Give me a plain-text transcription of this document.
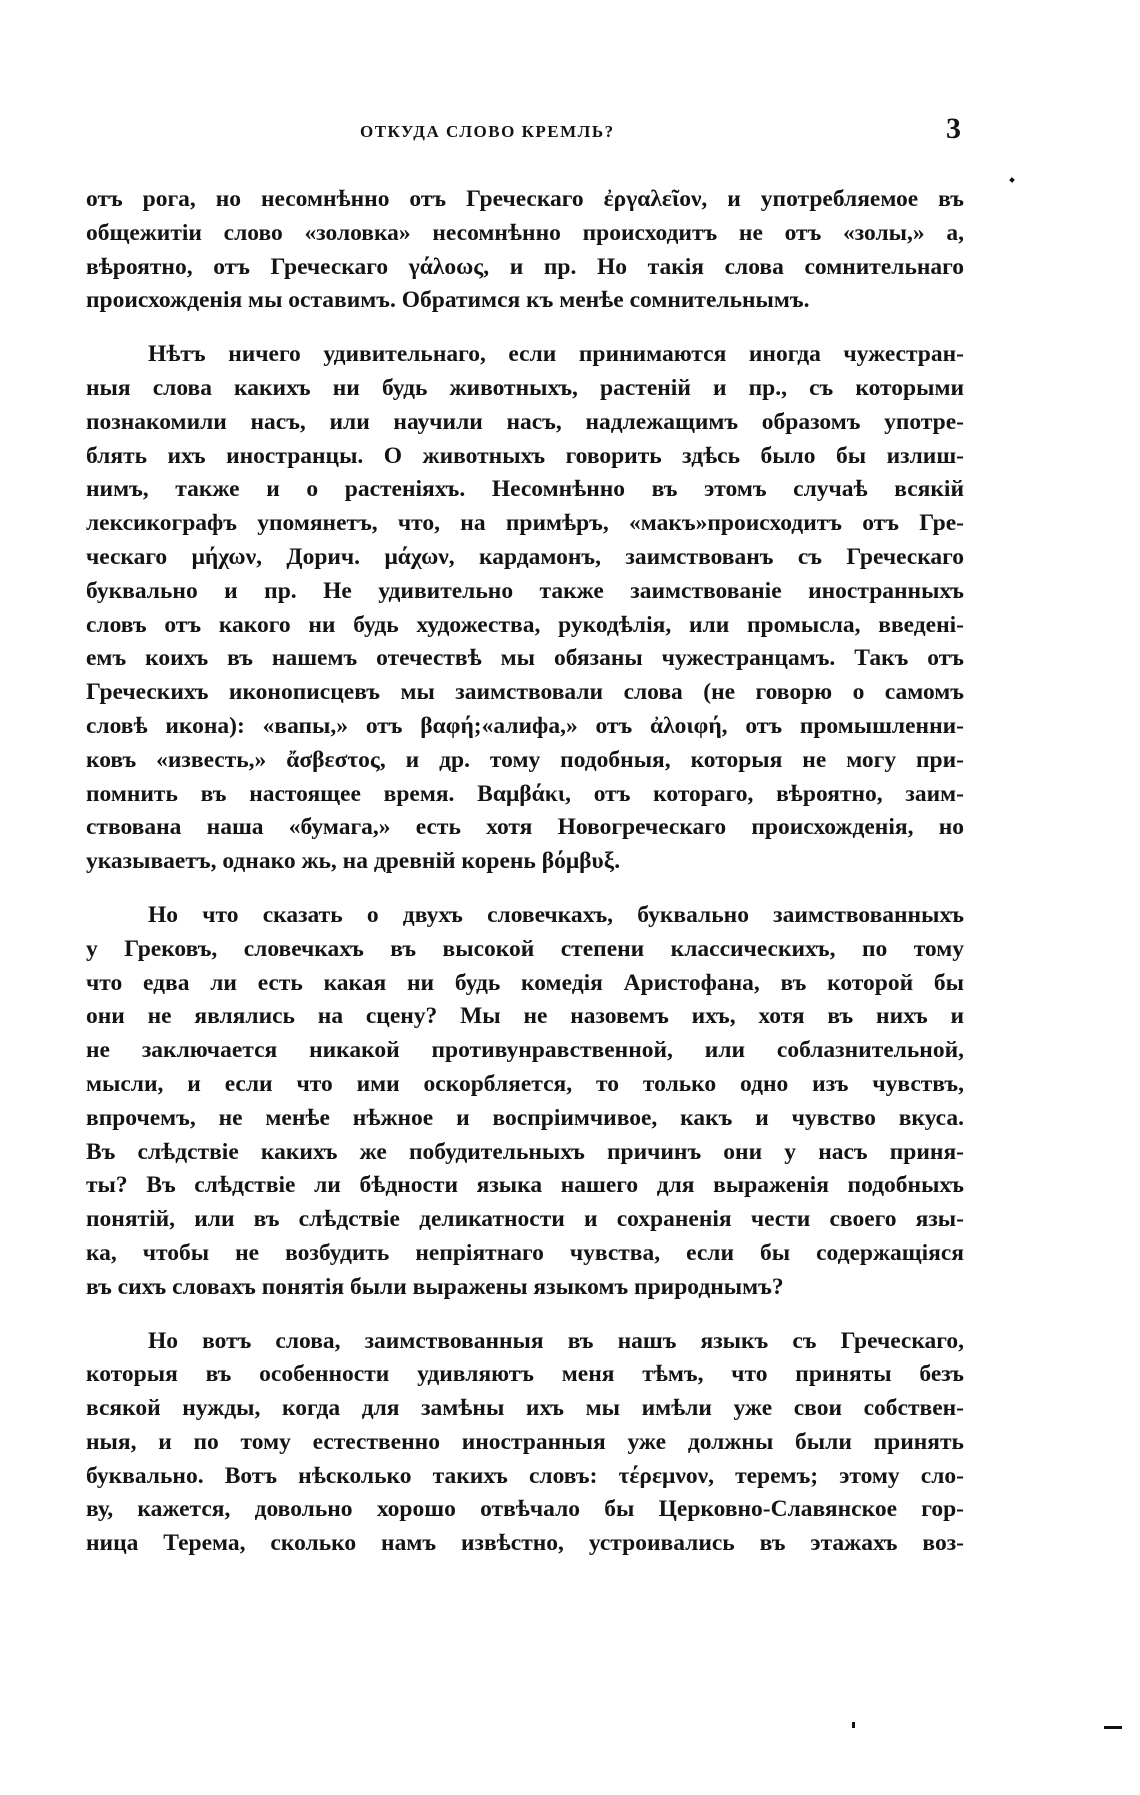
ОТКУДА СЛОВО КРЕМЛЬ?	3
отъ рога, но несомнѣнно отъ Греческаго ἐργαλεῖον, и употребляемое въ
общежитіи слово «золовка» несомнѣнно происходитъ не отъ «золы,» а,
вѣроятно, отъ Греческаго γάλοως, и пр. Но такія слова сомнительнаго
происхожденія мы оставимъ. Обратимся къ менѣе сомнительнымъ.
Нѣтъ ничего удивительнаго, если принимаются иногда чужестран-
ныя слова какихъ ни будь животныхъ, растеній и пр., съ которыми
познакомили насъ, или научили насъ, надлежащимъ образомъ употре-
блять ихъ иностранцы. О животныхъ говорить здѣсь было бы излиш-
нимъ, также и о растеніяхъ. Несомнѣнно въ этомъ случаѣ всякій
лексикографъ упомянетъ, что, на примѣръ, «макъ»происходитъ отъ Гре-
ческаго μήχων, Дорич. μάχων, кардамонъ, заимствованъ съ Греческаго
буквально и пр. Не удивительно также заимствованіе иностранныхъ
словъ отъ какого ни будь художества, рукодѣлія, или промысла, введені-
емъ коихъ въ нашемъ отечествѣ мы обязаны чужестранцамъ. Такъ отъ
Греческихъ иконописцевъ мы заимствовали слова (не говорю о самомъ
словѣ икона): «вапы,» отъ βαφή;«алифа,» отъ ἀλοιφή, отъ промышленни-
ковъ «известь,» ἄσβεστος, и др. тому подобныя, которыя не могу при-
помнить въ настоящее время. Βαμβάκι, отъ котораго, вѣроятно, заим-
ствована наша «бумага,» есть хотя Новогреческаго происхожденія, но
указываетъ, однако жь, на древній корень βόμβυξ.
Но что сказать о двухъ словечкахъ, буквально заимствованныхъ
у Грековъ, словечкахъ въ высокой степени классическихъ, по тому
что едва ли есть какая ни будь комедія Аристофана, въ которой бы
они не являлись на сцену? Мы не назовемъ ихъ, хотя въ нихъ и
не заключается никакой противунравственной, или соблазнительной,
мысли, и если что ими оскорбляется, то только одно изъ чувствъ,
впрочемъ, не менѣе нѣжное и воспріимчивое, какъ и чувство вкуса.
Въ слѣдствіе какихъ же побудительныхъ причинъ они у насъ приня-
ты? Въ слѣдствіе ли бѣдности языка нашего для выраженія подобныхъ
понятій, или въ слѣдствіе деликатности и сохраненія чести своего язы-
ка, чтобы не возбудить непріятнаго чувства, если бы содержащіяся
въ сихъ словахъ понятія были выражены языкомъ природнымъ?
Но вотъ слова, заимствованныя въ нашъ языкъ съ Греческаго,
которыя въ особенности удивляютъ меня тѣмъ, что приняты безъ
всякой нужды, когда для замѣны ихъ мы имѣли уже свои собствен-
ныя, и по тому естественно иностранныя уже должны были принять
буквально. Вотъ нѣсколько такихъ словъ: τέρεμνον, теремъ; этому сло-
ву, кажется, довольно хорошо отвѣчало бы Церковно-Славянское гор-
ница Терема, сколько намъ извѣстно, устроивались въ этажахъ воз-
